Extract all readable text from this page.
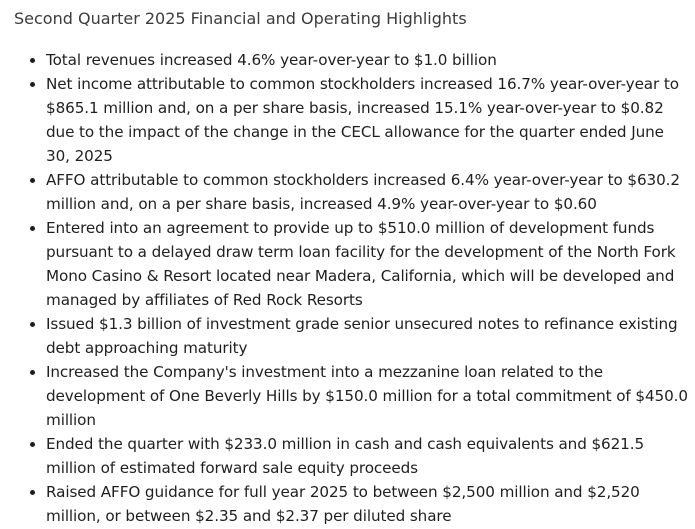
Second Quarter 2025 Financial and Operating Highlights
Total revenues increased 4.6% year-over-year to $1.0 billion
Net income attributable to common stockholders increased 16.7% year-over-year to $865.1 million and, on a per share basis, increased 15.1% year-over-year to $0.82 due to the impact of the change in the CECL allowance for the quarter ended June 30, 2025
AFFO attributable to common stockholders increased 6.4% year-over-year to $630.2 million and, on a per share basis, increased 4.9% year-over-year to $0.60
Entered into an agreement to provide up to $510.0 million of development funds pursuant to a delayed draw term loan facility for the development of the North Fork Mono Casino & Resort located near Madera, California, which will be developed and managed by affiliates of Red Rock Resorts
Issued $1.3 billion of investment grade senior unsecured notes to refinance existing debt approaching maturity
Increased the Company's investment into a mezzanine loan related to the development of One Beverly Hills by $150.0 million for a total commitment of $450.0 million
Ended the quarter with $233.0 million in cash and cash equivalents and $621.5 million of estimated forward sale equity proceeds
Raised AFFO guidance for full year 2025 to between $2,500 million and $2,520 million, or between $2.35 and $2.37 per diluted share
